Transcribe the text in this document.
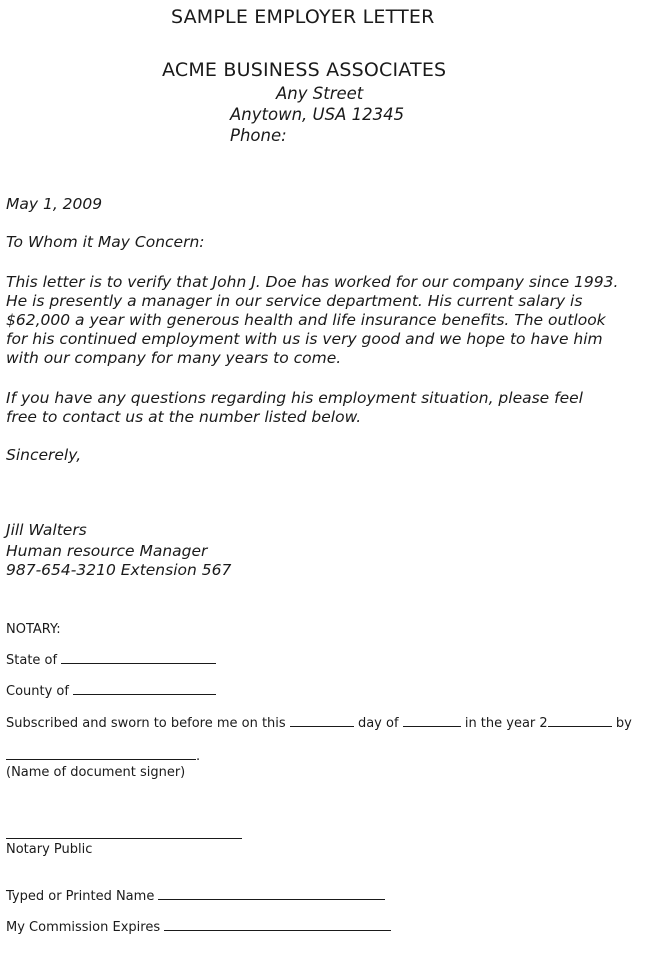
SAMPLE EMPLOYER LETTER
ACME BUSINESS ASSOCIATES
Any Street
Anytown, USA 12345
Phone:
May 1, 2009
To Whom it May Concern:
This letter is to verify that John J. Doe has worked for our company since 1993. He is presently a manager in our service department. His current salary is $62,000 a year with generous health and life insurance benefits. The outlook for his continued employment with us is very good and we hope to have him with our company for many years to come.
If you have any questions regarding his employment situation, please feel free to contact us at the number listed below.
Sincerely,
Jill Walters
Human resource Manager
987-654-3210 Extension 567
NOTARY:
State of
County of
Subscribed and sworn to before me on this	day of	in the year 2	by
.
(Name of document signer)
Notary Public
Typed or Printed Name
My Commission Expires
